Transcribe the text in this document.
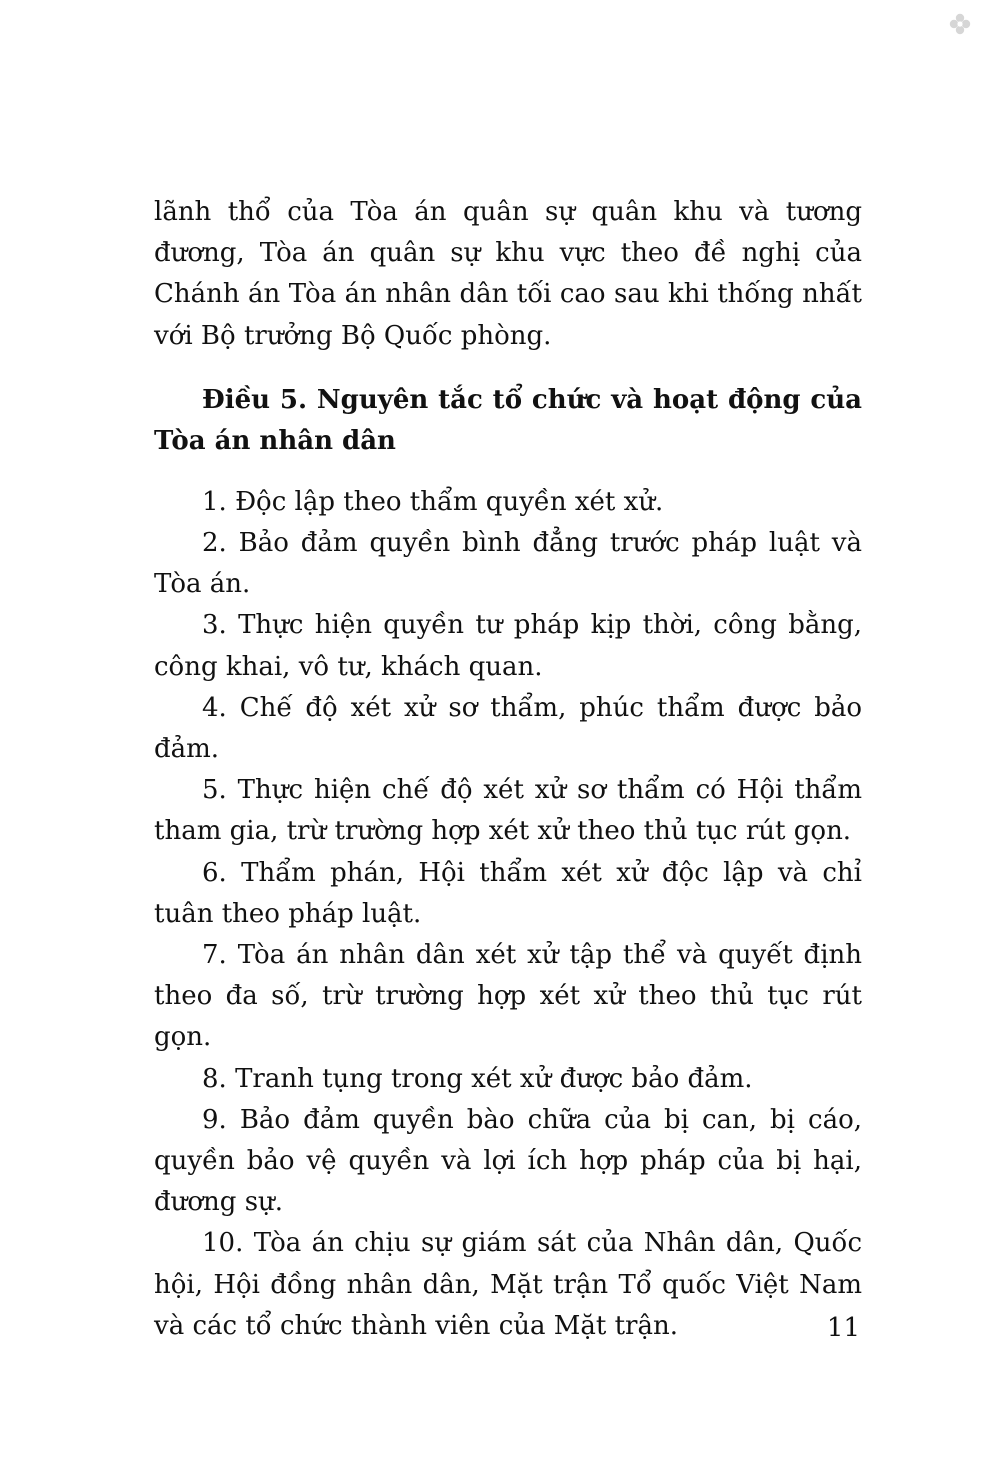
lãnh thổ của Tòa án quân sự quân khu và tương đương, Tòa án quân sự khu vực theo đề nghị của Chánh án Tòa án nhân dân tối cao sau khi thống nhất với Bộ trưởng Bộ Quốc phòng.

Điều 5. Nguyên tắc tổ chức và hoạt động của Tòa án nhân dân

1. Độc lập theo thẩm quyền xét xử.

2. Bảo đảm quyền bình đẳng trước pháp luật và Tòa án.

3. Thực hiện quyền tư pháp kịp thời, công bằng, công khai, vô tư, khách quan.

4. Chế độ xét xử sơ thẩm, phúc thẩm được bảo đảm.

5. Thực hiện chế độ xét xử sơ thẩm có Hội thẩm tham gia, trừ trường hợp xét xử theo thủ tục rút gọn.

6. Thẩm phán, Hội thẩm xét xử độc lập và chỉ tuân theo pháp luật.

7. Tòa án nhân dân xét xử tập thể và quyết định theo đa số, trừ trường hợp xét xử theo thủ tục rút gọn.

8. Tranh tụng trong xét xử được bảo đảm.

9. Bảo đảm quyền bào chữa của bị can, bị cáo, quyền bảo vệ quyền và lợi ích hợp pháp của bị hại, đương sự.

10. Tòa án chịu sự giám sát của Nhân dân, Quốc hội, Hội đồng nhân dân, Mặt trận Tổ quốc Việt Nam và các tổ chức thành viên của Mặt trận.	11
